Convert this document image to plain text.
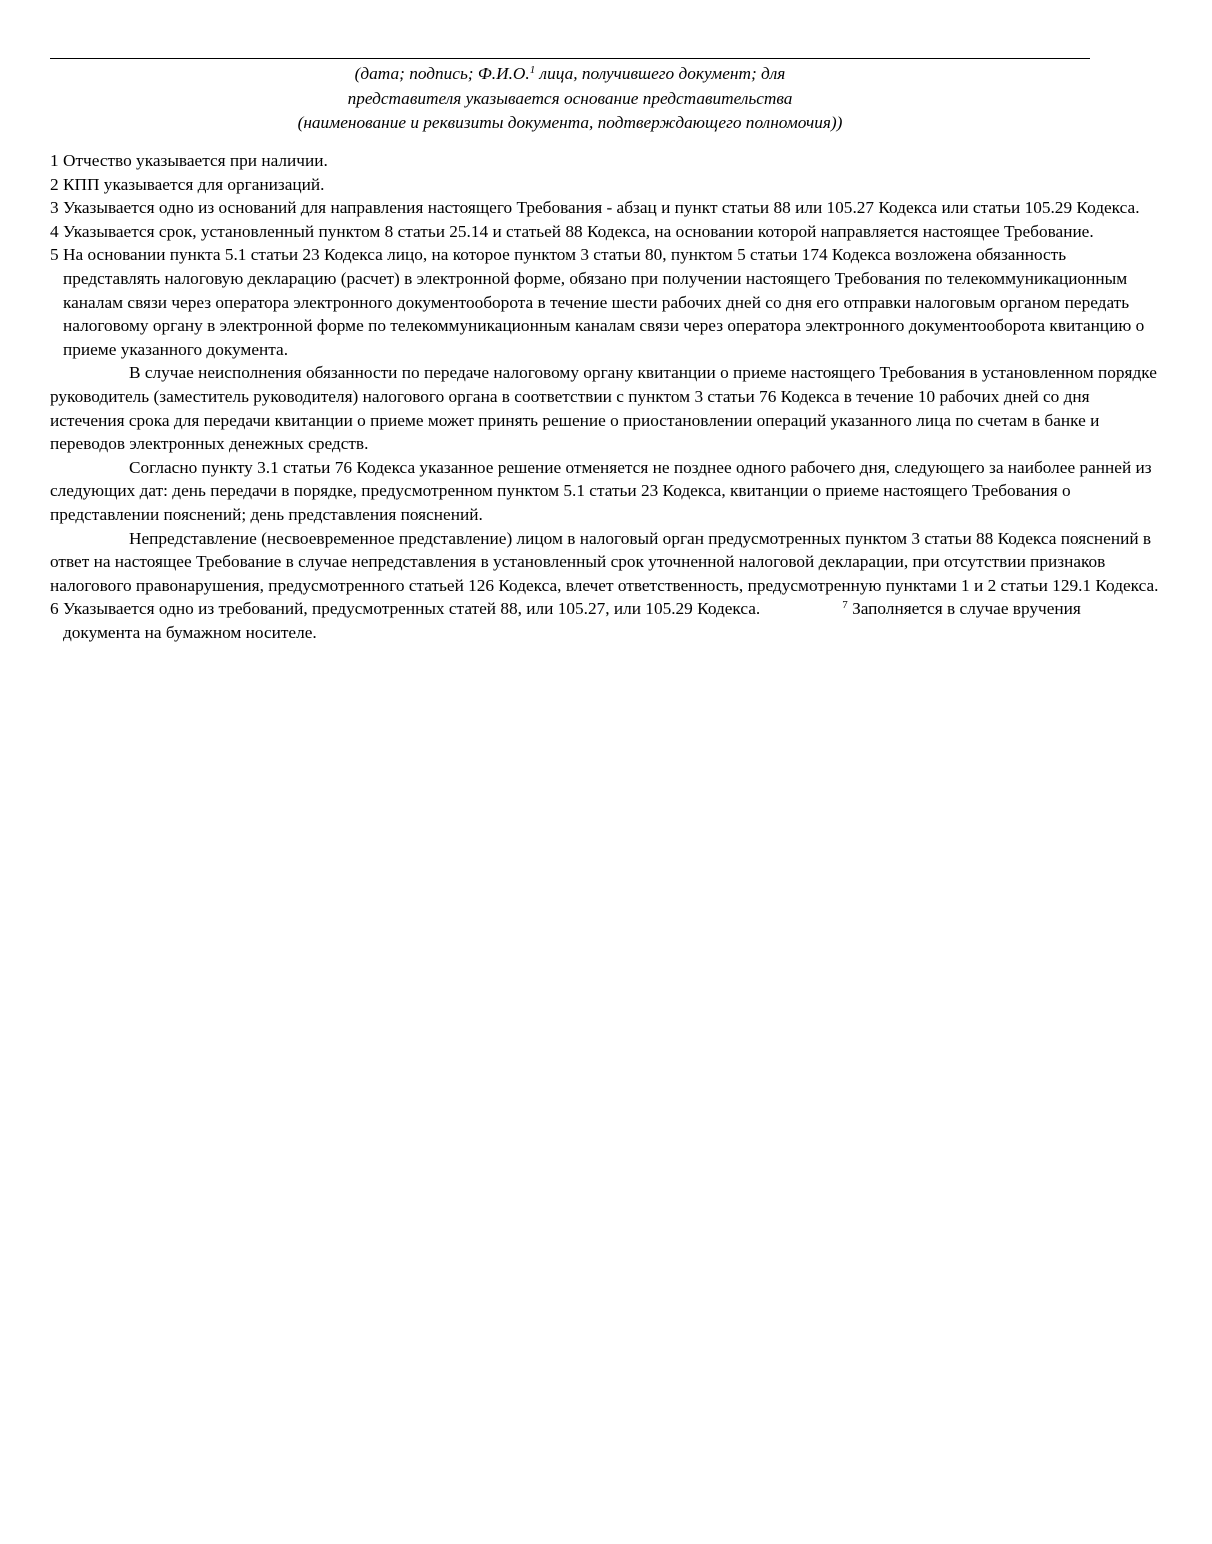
(дата; подпись; Ф.И.О.$^1$ лица, получившего документ; для
представителя указывается основание представительства
(наименование и реквизиты документа, подтверждающего полномочия))
1 Отчество указывается при наличии.
2 КПП указывается для организаций.
3 Указывается одно из оснований для направления настоящего Требования - абзац и пункт статьи 88 или 105.27 Кодекса или статьи 105.29 Кодекса.
4 Указывается срок, установленный пунктом 8 статьи 25.14 и статьей 88 Кодекса, на основании которой направляется настоящее Требование.
5 На основании пункта 5.1 статьи 23 Кодекса лицо, на которое пунктом 3 статьи 80, пунктом 5 статьи 174 Кодекса возложена обязанность представлять налоговую декларацию (расчет) в электронной форме, обязано при получении настоящего Требования по телекоммуникационным каналам связи через оператора электронного документооборота в течение шести рабочих дней со дня его отправки налоговым органом передать налоговому органу в электронной форме по телекоммуникационным каналам связи через оператора электронного документооборота квитанцию о приеме указанного документа.
В случае неисполнения обязанности по передаче налоговому органу квитанции о приеме настоящего Требования в установленном порядке руководитель (заместитель руководителя) налогового органа в соответствии с пунктом 3 статьи 76 Кодекса в течение 10 рабочих дней со дня истечения срока для передачи квитанции о приеме может принять решение о приостановлении операций указанного лица по счетам в банке и переводов электронных денежных средств.
Согласно пункту 3.1 статьи 76 Кодекса указанное решение отменяется не позднее одного рабочего дня, следующего за наиболее ранней из следующих дат: день передачи в порядке, предусмотренном пунктом 5.1 статьи 23 Кодекса, квитанции о приеме настоящего Требования о представлении пояснений; день представления пояснений.
Непредставление (несвоевременное представление) лицом в налоговый орган предусмотренных пунктом 3 статьи 88 Кодекса пояснений в ответ на настоящее Требование в случае непредставления в установленный срок уточненной налоговой декларации, при отсутствии признаков налогового правонарушения, предусмотренного статьей 126 Кодекса, влечет ответственность, предусмотренную пунктами 1 и 2 статьи 129.1 Кодекса.
6 Указывается одно из требований, предусмотренных статей 88, или 105.27, или 105.29 Кодекса.	$^7$ Заполняется в случае вручения документа на бумажном носителе.
